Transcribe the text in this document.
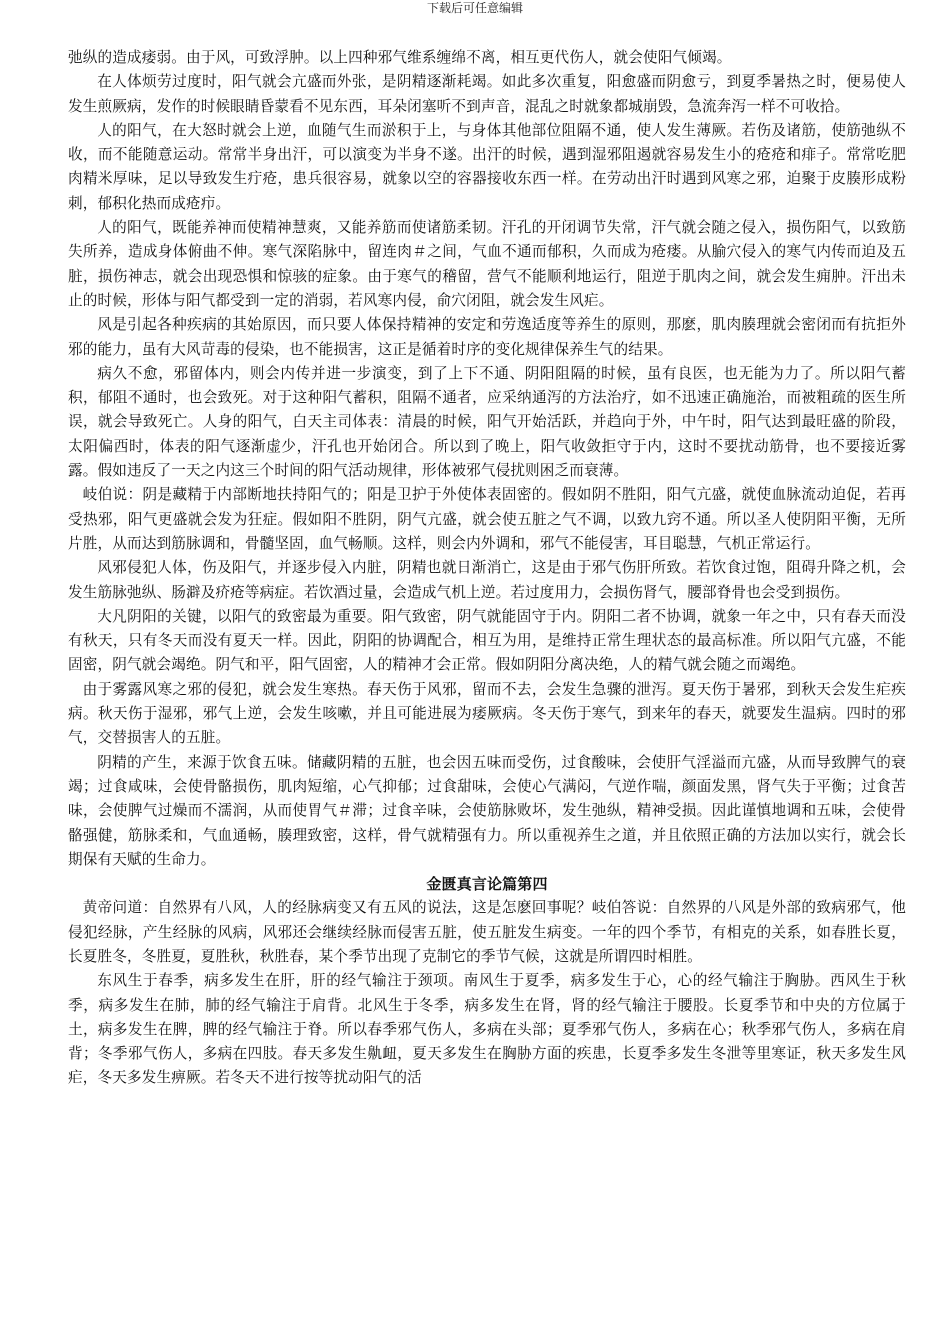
下载后可任意编辑

弛纵的造成痿弱。由于风，可致浮肿。以上四种邪气维系缠绵不离，相互更代伤人，就会使阳气倾竭。

在人体烦劳过度时，阳气就会亢盛而外张，是阴精逐渐耗竭。如此多次重复，阳愈盛而阴愈亏，到夏季暑热之时，便易使人发生煎厥病，发作的时候眼睛昏蒙看不见东西，耳朵闭塞听不到声音，混乱之时就象都城崩毁，急流奔泻一样不可收拾。

人的阳气，在大怒时就会上逆，血随气生而淤积于上，与身体其他部位阻隔不通，使人发生薄厥。若伤及诸筋，使筋弛纵不收，而不能随意运动。常常半身出汗，可以演变为半身不遂。出汗的时候，遇到湿邪阻遏就容易发生小的疮疮和痱子。常常吃肥肉精米厚味，足以导致发生疔疮，患兵很容易，就象以空的容器接收东西一样。在劳动出汗时遇到风寒之邪，迫聚于皮腠形成粉刺，郁积化热而成疮疖。

人的阳气，既能养神而使精神慧爽，又能养筋而使诸筋柔韧。汗孔的开闭调节失常，汗气就会随之侵入，损伤阳气，以致筋失所养，造成身体俯曲不伸。寒气深陷脉中，留连肉＃之间，气血不通而郁积，久而成为疮瘘。从腧穴侵入的寒气内传而迫及五脏，损伤神志，就会出现恐惧和惊骇的症象。由于寒气的稽留，营气不能顺利地运行，阻逆于肌肉之间，就会发生痈肿。汗出未止的时候，形体与阳气都受到一定的消弱，若风寒内侵，俞穴闭阻，就会发生风疟。

风是引起各种疾病的其始原因，而只要人体保持精神的安定和劳逸适度等养生的原则，那麽，肌肉腠理就会密闭而有抗拒外邪的能力，虽有大风苛毒的侵染，也不能损害，这正是循着时序的变化规律保养生气的结果。

病久不愈，邪留体内，则会内传并进一步演变，到了上下不通、阴阳阻隔的时候，虽有良医，也无能为力了。所以阳气蓄积，郁阻不通时，也会致死。对于这种阳气蓄积，阻隔不通者，应采纳通泻的方法治疗，如不迅速正确施治，而被粗疏的医生所误，就会导致死亡。人身的阳气，白天主司体表：清晨的时候，阳气开始活跃，并趋向于外，中午时，阳气达到最旺盛的阶段，太阳偏西时，体表的阳气逐渐虚少，汗孔也开始闭合。所以到了晚上，阳气收敛拒守于内，这时不要扰动筋骨，也不要接近雾露。假如违反了一天之内这三个时间的阳气活动规律，形体被邪气侵扰则困乏而衰薄。

岐伯说：阴是藏精于内部断地扶持阳气的；阳是卫护于外使体表固密的。假如阴不胜阳，阳气亢盛，就使血脉流动迫促，若再受热邪，阳气更盛就会发为狂症。假如阳不胜阴，阴气亢盛，就会使五脏之气不调，以致九窍不通。所以圣人使阴阳平衡，无所片胜，从而达到筋脉调和，骨髓坚固，血气畅顺。这样，则会内外调和，邪气不能侵害，耳目聪慧，气机正常运行。

风邪侵犯人体，伤及阳气，并逐步侵入内脏，阴精也就日渐消亡，这是由于邪气伤肝所致。若饮食过饱，阻碍升降之机，会发生筋脉弛纵、肠澼及疥疮等病症。若饮酒过量，会造成气机上逆。若过度用力，会损伤肾气，腰部脊骨也会受到损伤。

大凡阴阳的关键，以阳气的致密最为重要。阳气致密，阴气就能固守于内。阴阳二者不协调，就象一年之中，只有春天而没有秋天，只有冬天而没有夏天一样。因此，阴阳的协调配合，相互为用，是维持正常生理状态的最高标准。所以阳气亢盛，不能固密，阴气就会竭绝。阴气和平，阳气固密，人的精神才会正常。假如阴阳分离决绝，人的精气就会随之而竭绝。

由于雾露风寒之邪的侵犯，就会发生寒热。春天伤于风邪，留而不去，会发生急骤的泄泻。夏天伤于暑邪，到秋天会发生疟疾病。秋天伤于湿邪，邪气上逆，会发生咳嗽，并且可能进展为痿厥病。冬天伤于寒气，到来年的春天，就要发生温病。四时的邪气，交替损害人的五脏。

阴精的产生，来源于饮食五味。储藏阴精的五脏，也会因五味而受伤，过食酸味，会使肝气淫溢而亢盛，从而导致脾气的衰竭；过食咸味，会使骨骼损伤，肌肉短缩，心气抑郁；过食甜味，会使心气满闷，气逆作喘，颜面发黑，肾气失于平衡；过食苦味，会使脾气过燥而不濡润，从而使胃气＃滞；过食辛味，会使筋脉败坏，发生弛纵，精神受损。因此谨慎地调和五味，会使骨骼强健，筋脉柔和，气血通畅，腠理致密，这样，骨气就精强有力。所以重视养生之道，并且依照正确的方法加以实行，就会长期保有天赋的生命力。

金匮真言论篇第四

黄帝问道：自然界有八风，人的经脉病变又有五风的说法，这是怎麽回事呢？岐伯答说：自然界的八风是外部的致病邪气，他侵犯经脉，产生经脉的风病，风邪还会继续经脉而侵害五脏，使五脏发生病变。一年的四个季节，有相克的关系，如春胜长夏，长夏胜冬，冬胜夏，夏胜秋，秋胜春，某个季节出现了克制它的季节气候，这就是所谓四时相胜。

东风生于春季，病多发生在肝，肝的经气输注于颈项。南风生于夏季，病多发生于心，心的经气输注于胸胁。西风生于秋季，病多发生在肺，肺的经气输注于肩背。北风生于冬季，病多发生在肾，肾的经气输注于腰股。长夏季节和中央的方位属于土，病多发生在脾，脾的经气输注于脊。所以春季邪气伤人，多病在头部；夏季邪气伤人，多病在心；秋季邪气伤人，多病在肩背；冬季邪气伤人，多病在四肢。春天多发生鼽衄，夏天多发生在胸胁方面的疾患，长夏季多发生冬泄等里寒证，秋天多发生风疟，冬天多发生痹厥。若冬天不进行按等扰动阳气的活
